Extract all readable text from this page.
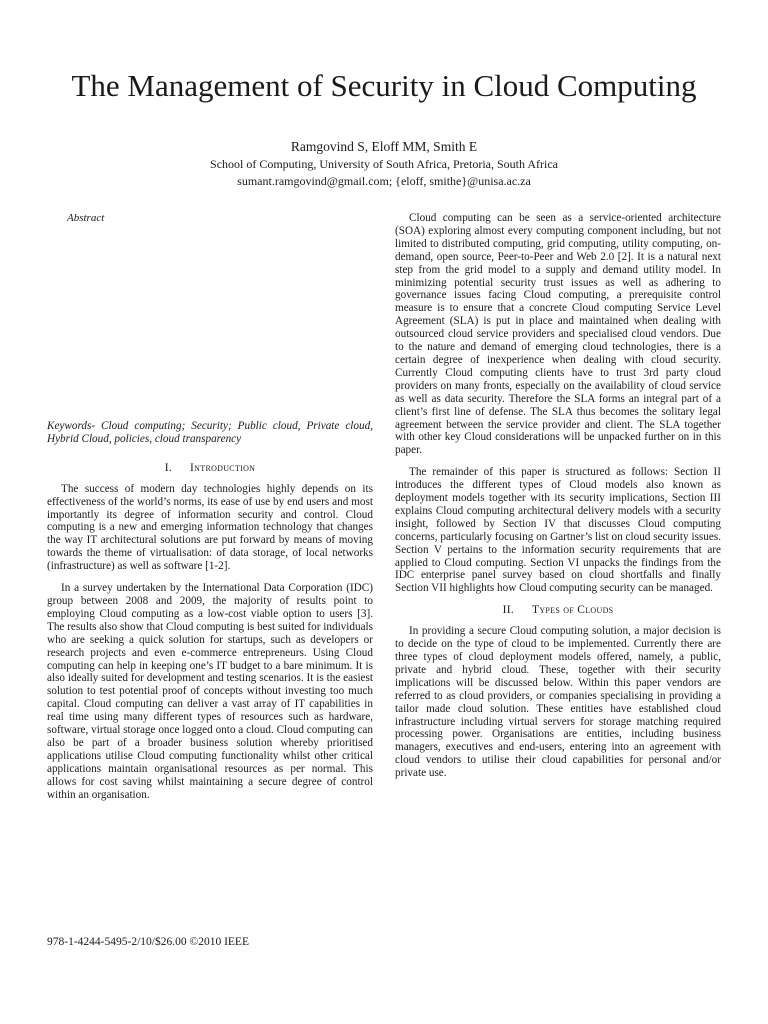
The Management of Security in Cloud Computing
Ramgovind S, Eloff MM, Smith E
School of Computing, University of South Africa, Pretoria, South Africa
sumant.ramgovind@gmail.com; {eloff, smithe}@unisa.ac.za
Abstract

Keywords- Cloud computing; Security; Public cloud, Private cloud, Hybrid Cloud, policies, cloud transparency

I. Introduction

The success of modern day technologies highly depends on its effectiveness of the world’s norms, its ease of use by end users and most importantly its degree of information security and control. Cloud computing is a new and emerging information technology that changes the way IT architectural solutions are put forward by means of moving towards the theme of virtualisation: of data storage, of local networks (infrastructure) as well as software [1-2].

In a survey undertaken by the International Data Corporation (IDC) group between 2008 and 2009, the majority of results point to employing Cloud computing as a low-cost viable option to users [3]. The results also show that Cloud computing is best suited for individuals who are seeking a quick solution for startups, such as developers or research projects and even e-commerce entrepreneurs. Using Cloud computing can help in keeping one’s IT budget to a bare minimum. It is also ideally suited for development and testing scenarios. It is the easiest solution to test potential proof of concepts without investing too much capital. Cloud computing can deliver a vast array of IT capabilities in real time using many different types of resources such as hardware, software, virtual storage once logged onto a cloud. Cloud computing can also be part of a broader business solution whereby prioritised applications utilise Cloud computing functionality whilst other critical applications maintain organisational resources as per normal. This allows for cost saving whilst maintaining a secure degree of control within an organisation.

Cloud computing can be seen as a service-oriented architecture (SOA) exploring almost every computing component including, but not limited to distributed computing, grid computing, utility computing, on-demand, open source, Peer-to-Peer and Web 2.0 [2]. It is a natural next step from the grid model to a supply and demand utility model. In minimizing potential security trust issues as well as adhering to governance issues facing Cloud computing, a prerequisite control measure is to ensure that a concrete Cloud computing Service Level Agreement (SLA) is put in place and maintained when dealing with outsourced cloud service providers and specialised cloud vendors. Due to the nature and demand of emerging cloud technologies, there is a certain degree of inexperience when dealing with cloud security. Currently Cloud computing clients have to trust 3rd party cloud providers on many fronts, especially on the availability of cloud service as well as data security. Therefore the SLA forms an integral part of a client’s first line of defense. The SLA thus becomes the solitary legal agreement between the service provider and client. The SLA together with other key Cloud considerations will be unpacked further on in this paper.

The remainder of this paper is structured as follows: Section II introduces the different types of Cloud models also known as deployment models together with its security implications, Section III explains Cloud computing architectural delivery models with a security insight, followed by Section IV that discusses Cloud computing concerns, particularly focusing on Gartner’s list on cloud security issues. Section V pertains to the information security requirements that are applied to Cloud computing. Section VI unpacks the findings from the IDC enterprise panel survey based on cloud shortfalls and finally Section VII highlights how Cloud computing security can be managed.

II. Types of Clouds

In providing a secure Cloud computing solution, a major decision is to decide on the type of cloud to be implemented. Currently there are three types of cloud deployment models offered, namely, a public, private and hybrid cloud. These, together with their security implications will be discussed below. Within this paper vendors are referred to as cloud providers, or companies specialising in providing a tailor made cloud solution. These entities have established cloud infrastructure including virtual servers for storage matching required processing power. Organisations are entities, including business managers, executives and end-users, entering into an agreement with cloud vendors to utilise their cloud capabilities for personal and/or private use.

978-1-4244-5495-2/10/$26.00 ©2010 IEEE
